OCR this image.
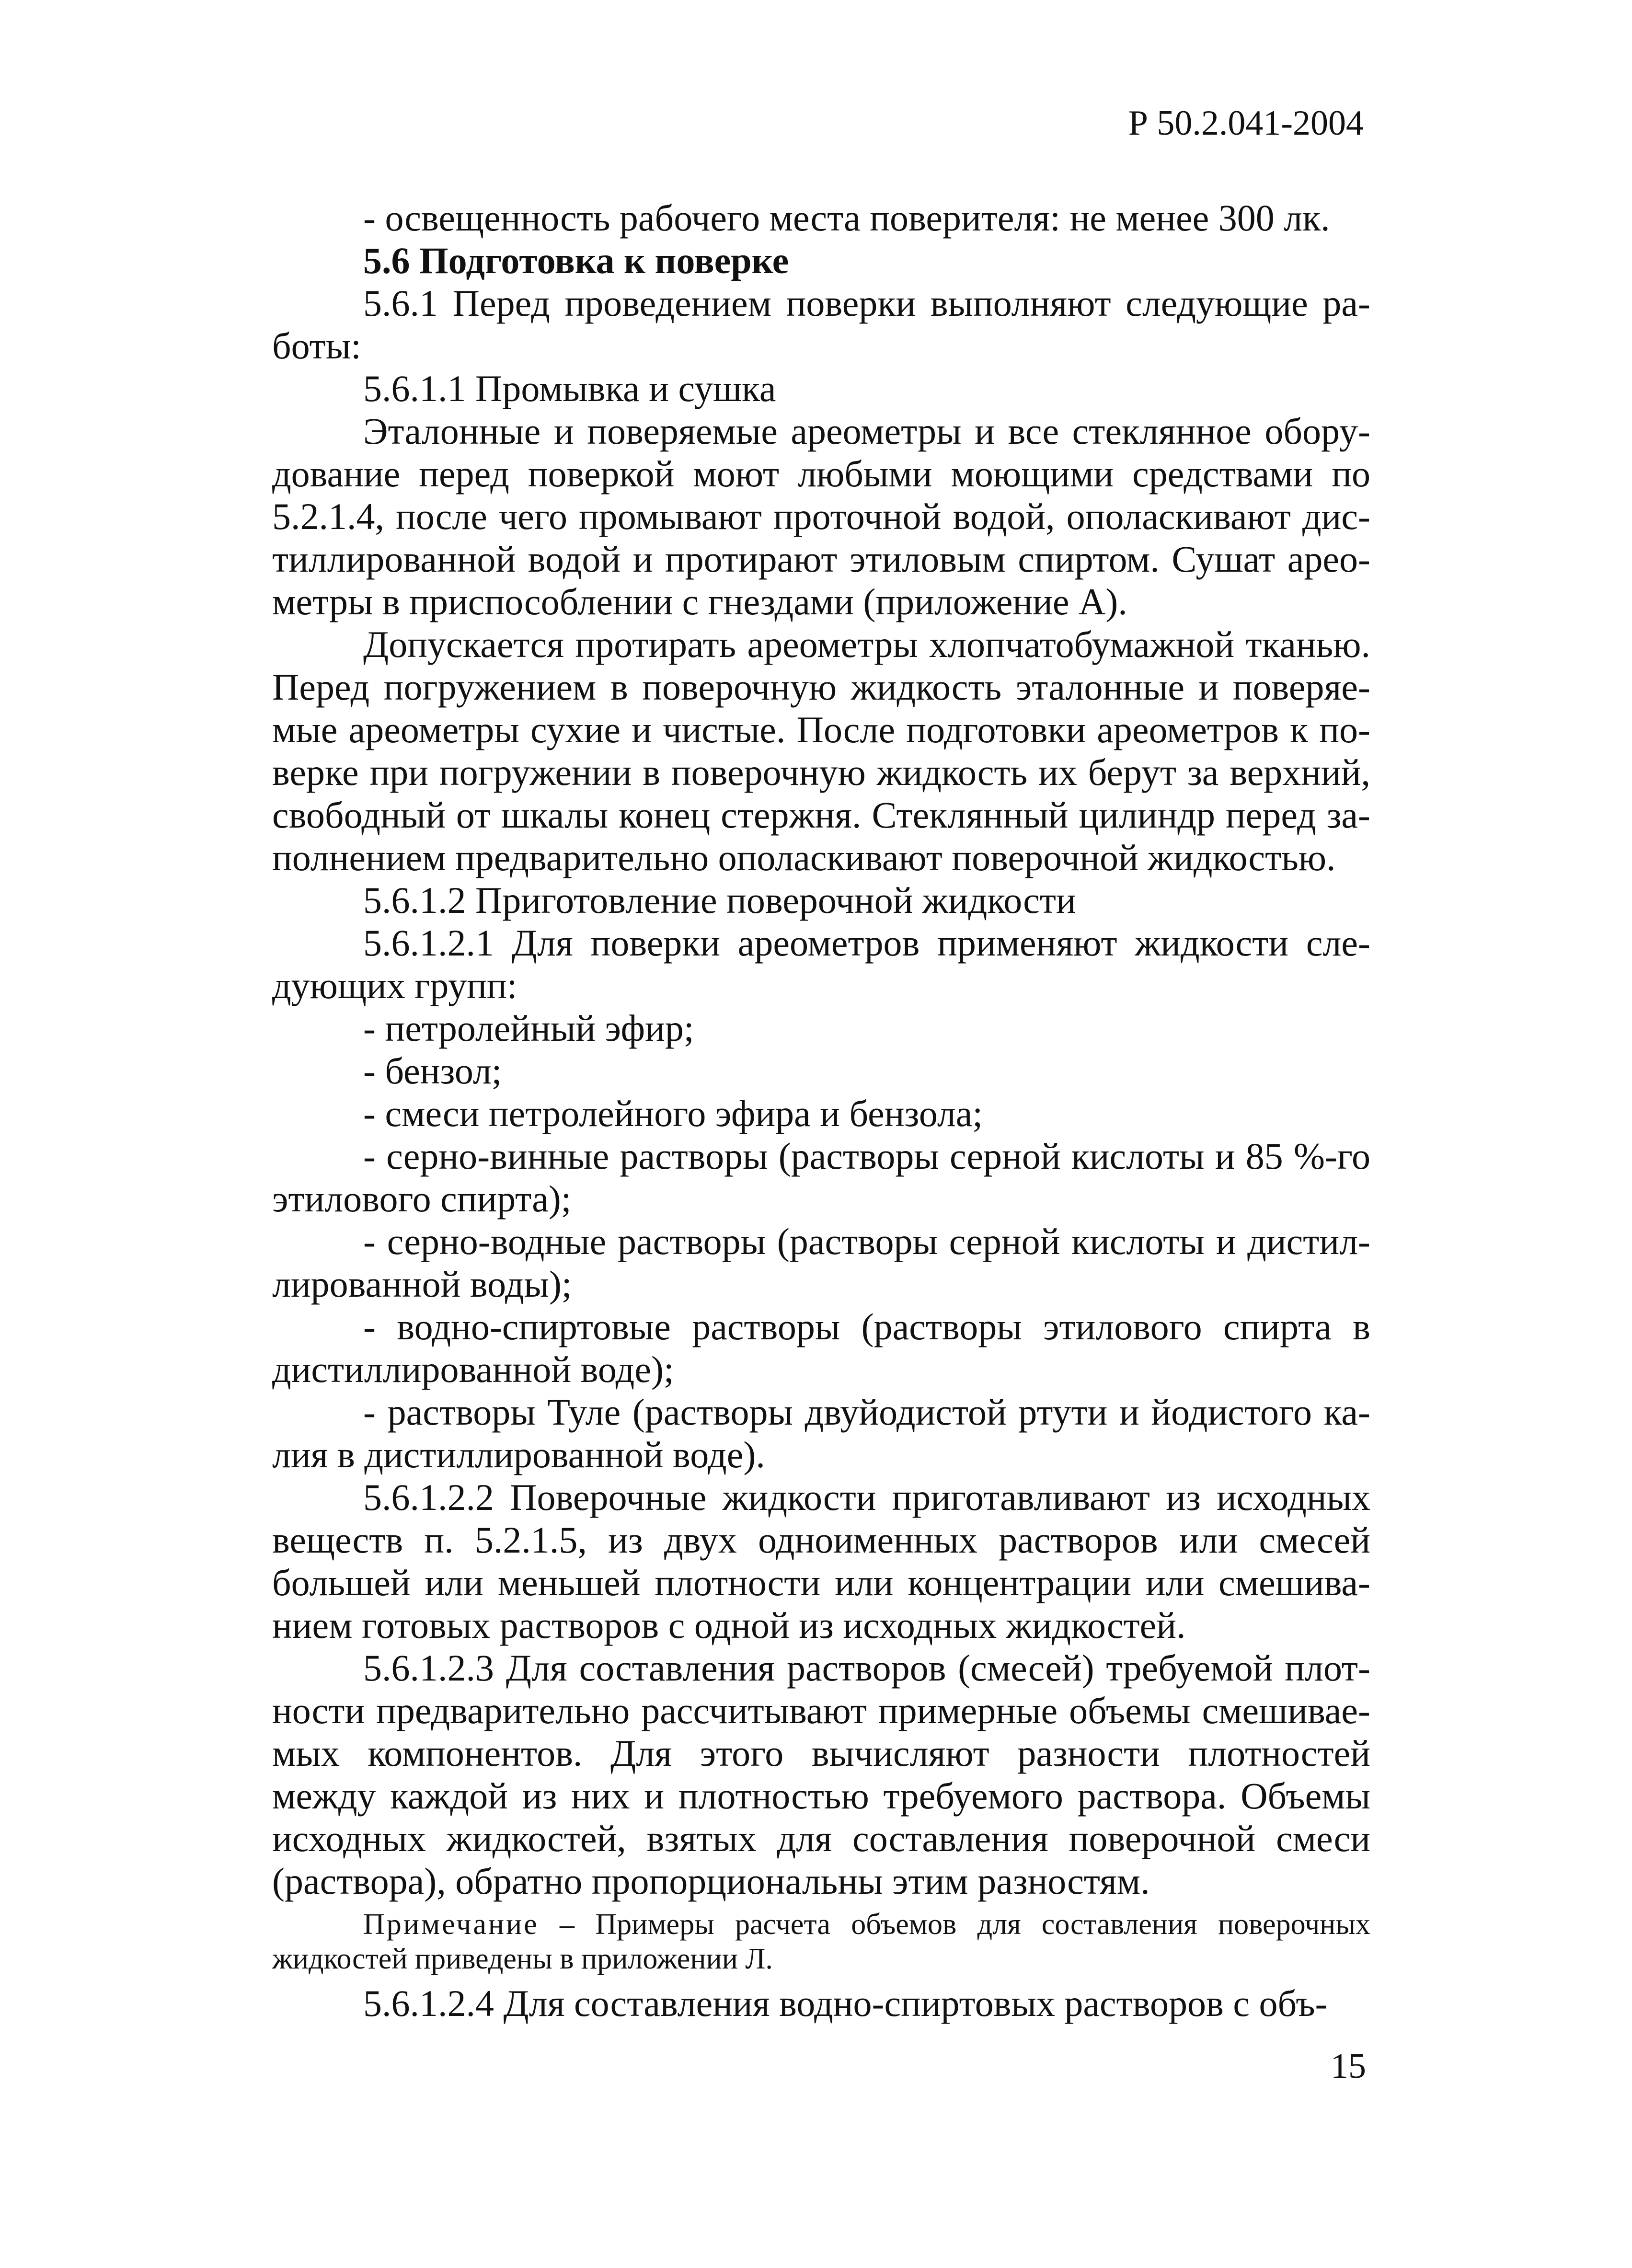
Р 50.2.041-2004

- освещенность рабочего места поверителя: не менее 300 лк.

5.6 Подготовка к поверке

5.6.1 Перед проведением поверки выполняют следующие работы:

5.6.1.1 Промывка и сушка

Эталонные и поверяемые ареометры и все стеклянное оборудование перед поверкой моют любыми моющими средствами по 5.2.1.4, после чего промывают проточной водой, ополаскивают дистиллированной водой и протирают этиловым спиртом. Сушат ареометры в приспособлении с гнездами (приложение А).

Допускается протирать ареометры хлопчатобумажной тканью. Перед погружением в поверочную жидкость эталонные и поверяемые ареометры сухие и чистые. После подготовки ареометров к поверке при погружении в поверочную жидкость их берут за верхний, свободный от шкалы конец стержня. Стеклянный цилиндр перед заполнением предварительно ополаскивают поверочной жидкостью.

5.6.1.2 Приготовление поверочной жидкости

5.6.1.2.1 Для поверки ареометров применяют жидкости следующих групп:

- петролейный эфир;

- бензол;

- смеси петролейного эфира и бензола;

- серно-винные растворы (растворы серной кислоты и 85 %-го этилового спирта);

- серно-водные растворы (растворы серной кислоты и дистиллированной воды);

- водно-спиртовые растворы (растворы этилового спирта в дистиллированной воде);

- растворы Туле (растворы двуйодистой ртути и йодистого калия в дистиллированной воде).

5.6.1.2.2 Поверочные жидкости приготавливают из исходных веществ п. 5.2.1.5, из двух одноименных растворов или смесей большей или меньшей плотности или концентрации или смешиванием готовых растворов с одной из исходных жидкостей.

5.6.1.2.3 Для составления растворов (смесей) требуемой плотности предварительно рассчитывают примерные объемы смешиваемых компонентов. Для этого вычисляют разности плотностей между каждой из них и плотностью требуемого раствора. Объемы исходных жидкостей, взятых для составления поверочной смеси (раствора), обратно пропорциональны этим разностям.

Примечание – Примеры расчета объемов для составления поверочных жидкостей приведены в приложении Л.

5.6.1.2.4 Для составления водно-спиртовых растворов с объ-

15
